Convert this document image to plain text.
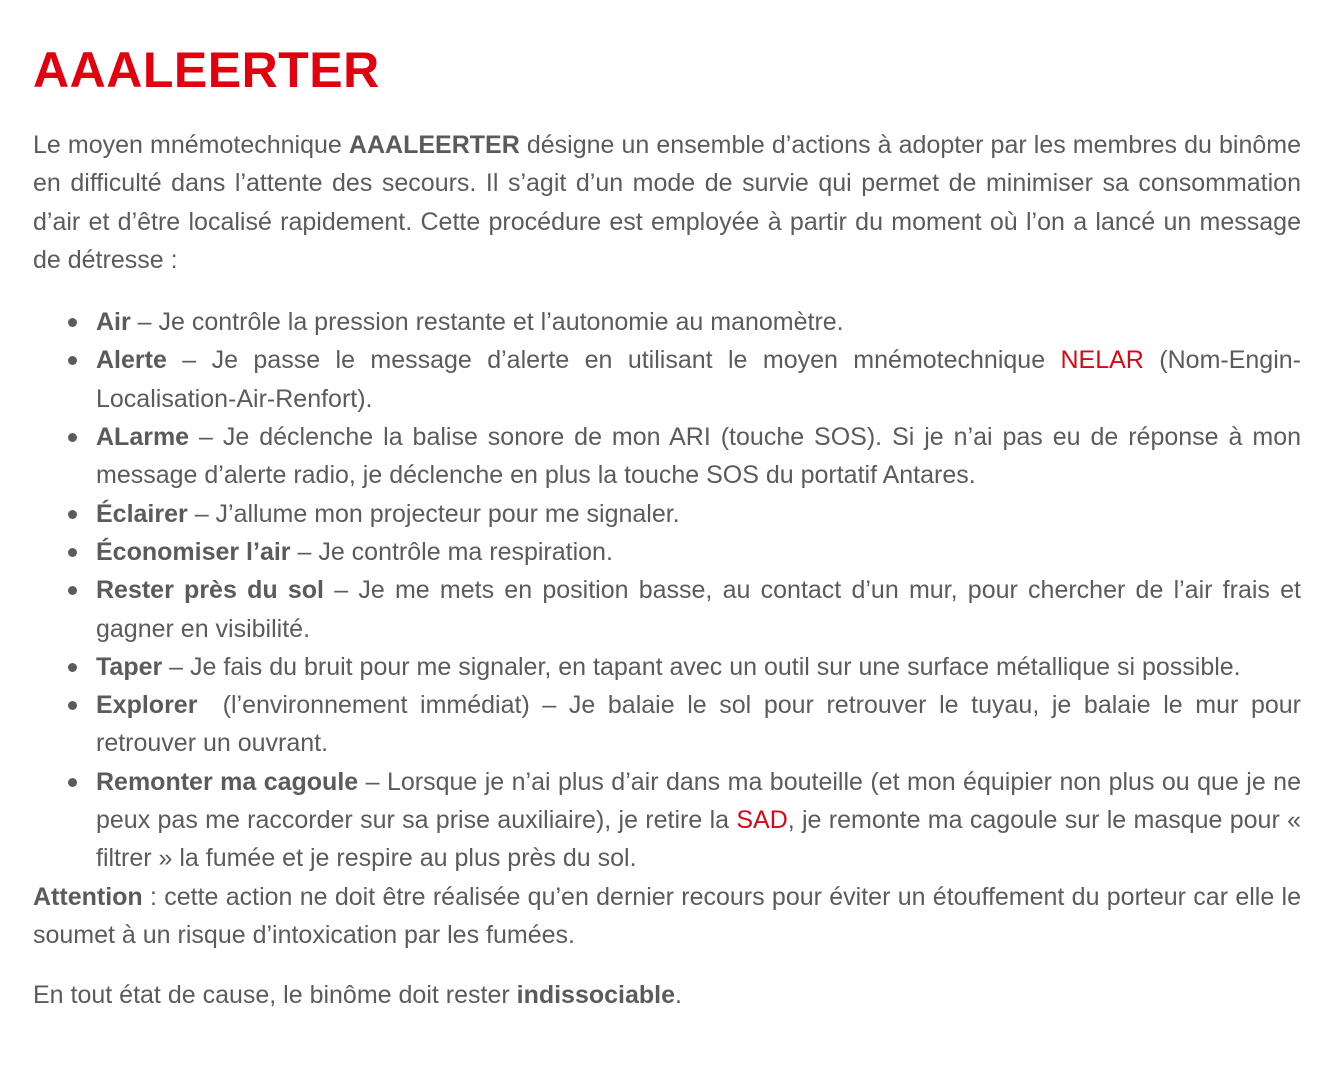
AAALEERTER

Le moyen mnémotechnique AAALEERTER désigne un ensemble d’actions à adopter par les membres du binôme en difficulté dans l’attente des secours. Il s’agit d’un mode de survie qui permet de minimiser sa consommation d’air et d’être localisé rapidement. Cette procédure est employée à partir du moment où l’on a lancé un message de détresse :

Air – Je contrôle la pression restante et l’autonomie au manomètre.
Alerte – Je passe le message d’alerte en utilisant le moyen mnémotechnique NELAR (Nom-Engin-Localisation-Air-Renfort).
ALarme – Je déclenche la balise sonore de mon ARI (touche SOS). Si je n’ai pas eu de réponse à mon message d’alerte radio, je déclenche en plus la touche SOS du portatif Antares.
Éclairer – J’allume mon projecteur pour me signaler.
Économiser l’air – Je contrôle ma respiration.
Rester près du sol – Je me mets en position basse, au contact d’un mur, pour chercher de l’air frais et gagner en visibilité.
Taper – Je fais du bruit pour me signaler, en tapant avec un outil sur une surface métallique si possible.
Explorer  (l’environnement immédiat) – Je balaie le sol pour retrouver le tuyau, je balaie le mur pour retrouver un ouvrant.
Remonter ma cagoule – Lorsque je n’ai plus d’air dans ma bouteille (et mon équipier non plus ou que je ne peux pas me raccorder sur sa prise auxiliaire), je retire la SAD, je remonte ma cagoule sur le masque pour « filtrer » la fumée et je respire au plus près du sol.

Attention : cette action ne doit être réalisée qu’en dernier recours pour éviter un étouffement du porteur car elle le soumet à un risque d’intoxication par les fumées.

En tout état de cause, le binôme doit rester indissociable.
